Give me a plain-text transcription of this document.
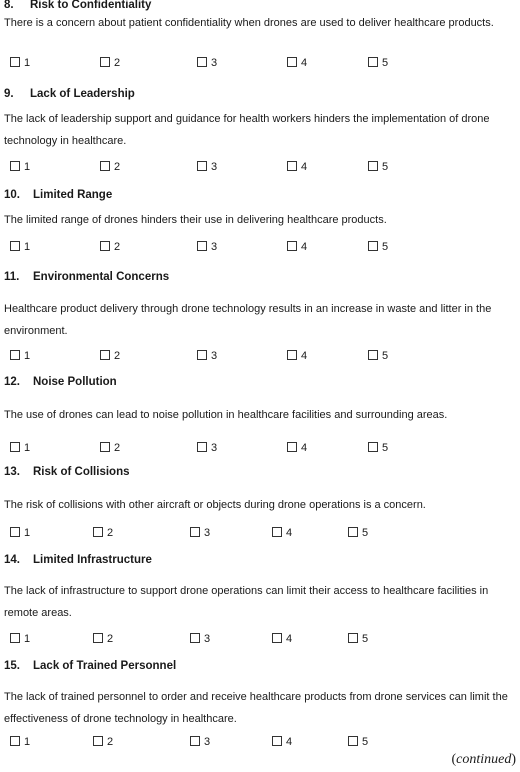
8. Risk to Confidentiality
There is a concern about patient confidentiality when drones are used to deliver healthcare products.
1	2	3	4	5
9. Lack of Leadership
The lack of leadership support and guidance for health workers hinders the implementation of drone technology in healthcare.
1	2	3	4	5
10. Limited Range
The limited range of drones hinders their use in delivering healthcare products.
1	2	3	4	5
11. Environmental Concerns
Healthcare product delivery through drone technology results in an increase in waste and litter in the environment.
1	2	3	4	5
12. Noise Pollution
The use of drones can lead to noise pollution in healthcare facilities and surrounding areas.
1	2	3	4	5
13. Risk of Collisions
The risk of collisions with other aircraft or objects during drone operations is a concern.
1	2	3	4	5
14. Limited Infrastructure
The lack of infrastructure to support drone operations can limit their access to healthcare facilities in remote areas.
1	2	3	4	5
15. Lack of Trained Personnel
The lack of trained personnel to order and receive healthcare products from drone services can limit the effectiveness of drone technology in healthcare.
1	2	3	4	5
(continued)
